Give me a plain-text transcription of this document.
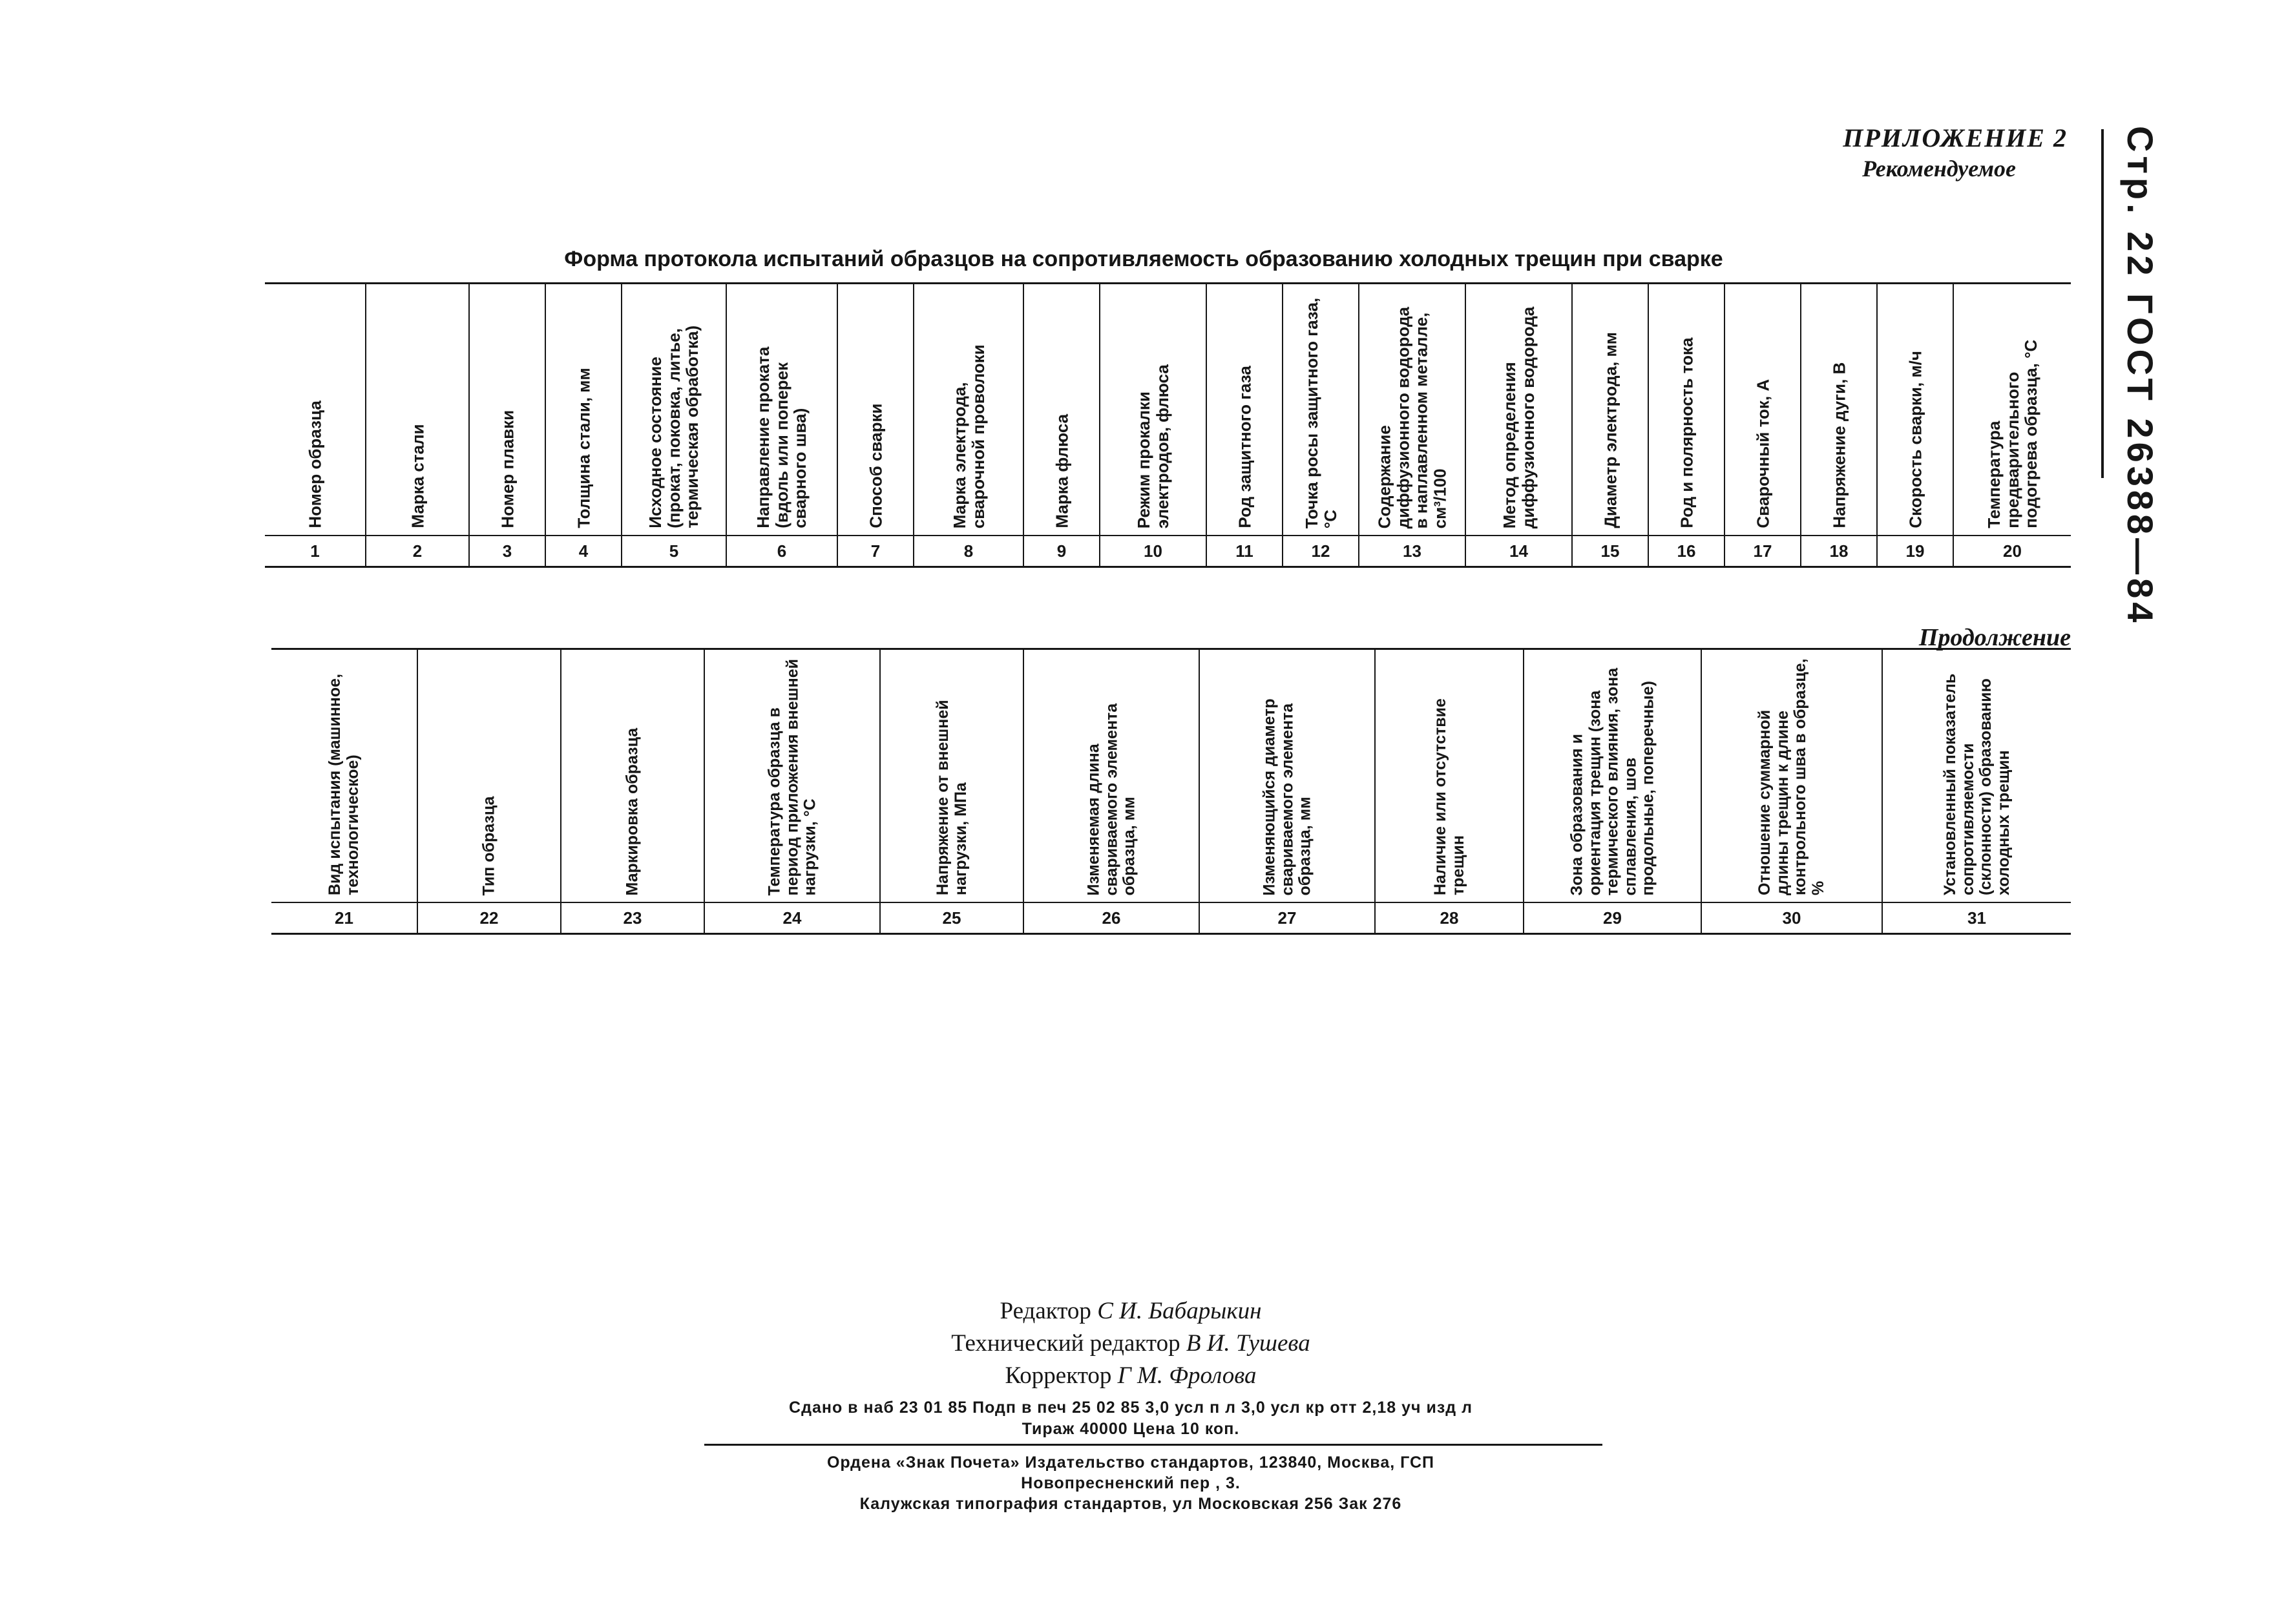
ПРИЛОЖЕНИЕ 2
Рекомендуемое	Стр. 22 ГОСТ 26388—84
Форма протокола испытаний образцов на сопротивляемость образованию холодных трещин при сварке
Номер образца
1
Марка стали
2
Номер плавки
3
Толщина стали, мм
4
Исходное состояние (прокат, поковка, литье, термическая обработка)
5
Направление проката (вдоль или поперек сварного шва)
6
Способ сварки
7
Марка электрода, сварочной проволоки
8
Марка флюса
9
Режим прокалки электродов, флюса
10
Род защитного газа
11
Точка росы защитного газа, °С
12
Содержание диффузионного водорода в наплавленном металле, см³/100
13
Метод определения диффузионного водорода
14
Диаметр электрода, мм
15
Род и полярность тока
16
Сварочный ток, А
17
Напряжение дуги, В
18
Скорость сварки, м/ч
19
Температура предварительного подогрева образца, °С
20
Продолжение
Вид испытания (машинное, технологическое)
21
Тип образца
22
Маркировка образца
23
Температура образца в период приложения внешней нагрузки, °С
24
Напряжение от внешней нагрузки, МПа
25
Изменяемая длина свариваемого элемента образца, мм
26
Изменяющийся диаметр свариваемого элемента образца, мм
27
Наличие или отсутствие трещин
28
Зона образования и ориентация трещин (зона термического влияния, зона сплавления, шов продольные, поперечные)
29
Отношение суммарной длины трещин к длине контрольного шва в образце, %
30
Установленный показатель сопротивляемости (склонности) образованию холодных трещин
31
Редактор С И. Бабарыкин
Технический редактор В И. Тушева
Корректор Г М. Фролова
Сдано в наб 23 01 85 Подп в печ 25 02 85 3,0 усл п л 3,0 усл кр отт 2,18 уч изд л
Тираж 40000 Цена 10 коп.
Ордена «Знак Почета» Издательство стандартов, 123840, Москва, ГСП
Новопресненский пер , 3.
Калужская типография стандартов, ул Московская 256 Зак 276
